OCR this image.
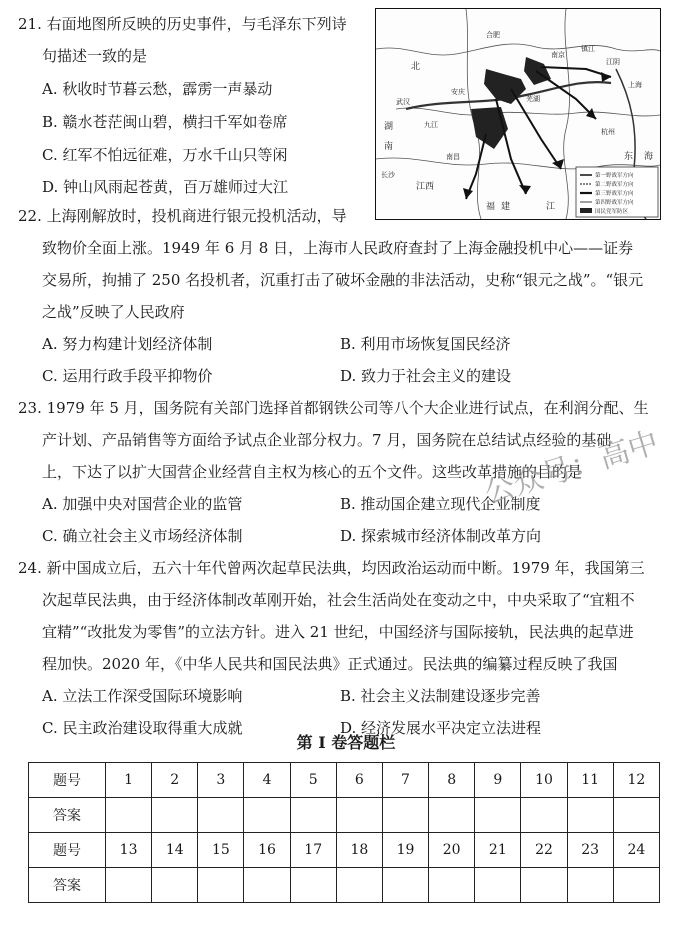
21. 右面地图所反映的历史事件，与毛泽东下列诗
句描述一致的是
A. 秋收时节暮云愁，霹雳一声暴动
B. 赣水苍茫闽山碧，横扫千军如卷席
C. 红军不怕远征难，万水千山只等闲
D. 钟山风雨起苍黄，百万雄师过大江
合肥
芜湖
南京
镇江
江阴
上海
杭州
南昌
武汉
长沙
安庆
九江
东 海
江
福 建
湖
北
南
江西
第一野战军方向
第二野战军方向
第三野战军方向
第四野战军方向
国民党军防区
22. 上海刚解放时，投机商进行银元投机活动，导
致物价全面上涨。1949 年 6 月 8 日，上海市人民政府查封了上海金融投机中心——证券
交易所，拘捕了 250 名投机者，沉重打击了破坏金融的非法活动，史称“银元之战”。“银元
之战”反映了人民政府
A. 努力构建计划经济体制	B. 利用市场恢复国民经济
C. 运用行政手段平抑物价	D. 致力于社会主义的建设
23. 1979 年 5 月，国务院有关部门选择首都钢铁公司等八个大企业进行试点，在利润分配、生
产计划、产品销售等方面给予试点企业部分权力。7 月，国务院在总结试点经验的基础
上，下达了以扩大国营企业经营自主权为核心的五个文件。这些改革措施的目的是
A. 加强中央对国营企业的监管	B. 推动国企建立现代企业制度
C. 确立社会主义市场经济体制	D. 探索城市经济体制改革方向
24. 新中国成立后，五六十年代曾两次起草民法典，均因政治运动而中断。1979 年，我国第三
次起草民法典，由于经济体制改革刚开始，社会生活尚处在变动之中，中央采取了“宜粗不
宜精”“改批发为零售”的立法方针。进入 21 世纪，中国经济与国际接轨，民法典的起草进
程加快。2020 年，《中华人民共和国民法典》正式通过。民法典的编纂过程反映了我国
A. 立法工作深受国际环境影响	B. 社会主义法制建设逐步完善
C. 民主政治建设取得重大成就	D. 经济发展水平决定立法进程
公众号：高中
第 I 卷答题栏
题号	1	2	3	4	5	6	7	8	9	10	11	12
答案												
题号	13	14	15	16	17	18	19	20	21	22	23	24
答案												
